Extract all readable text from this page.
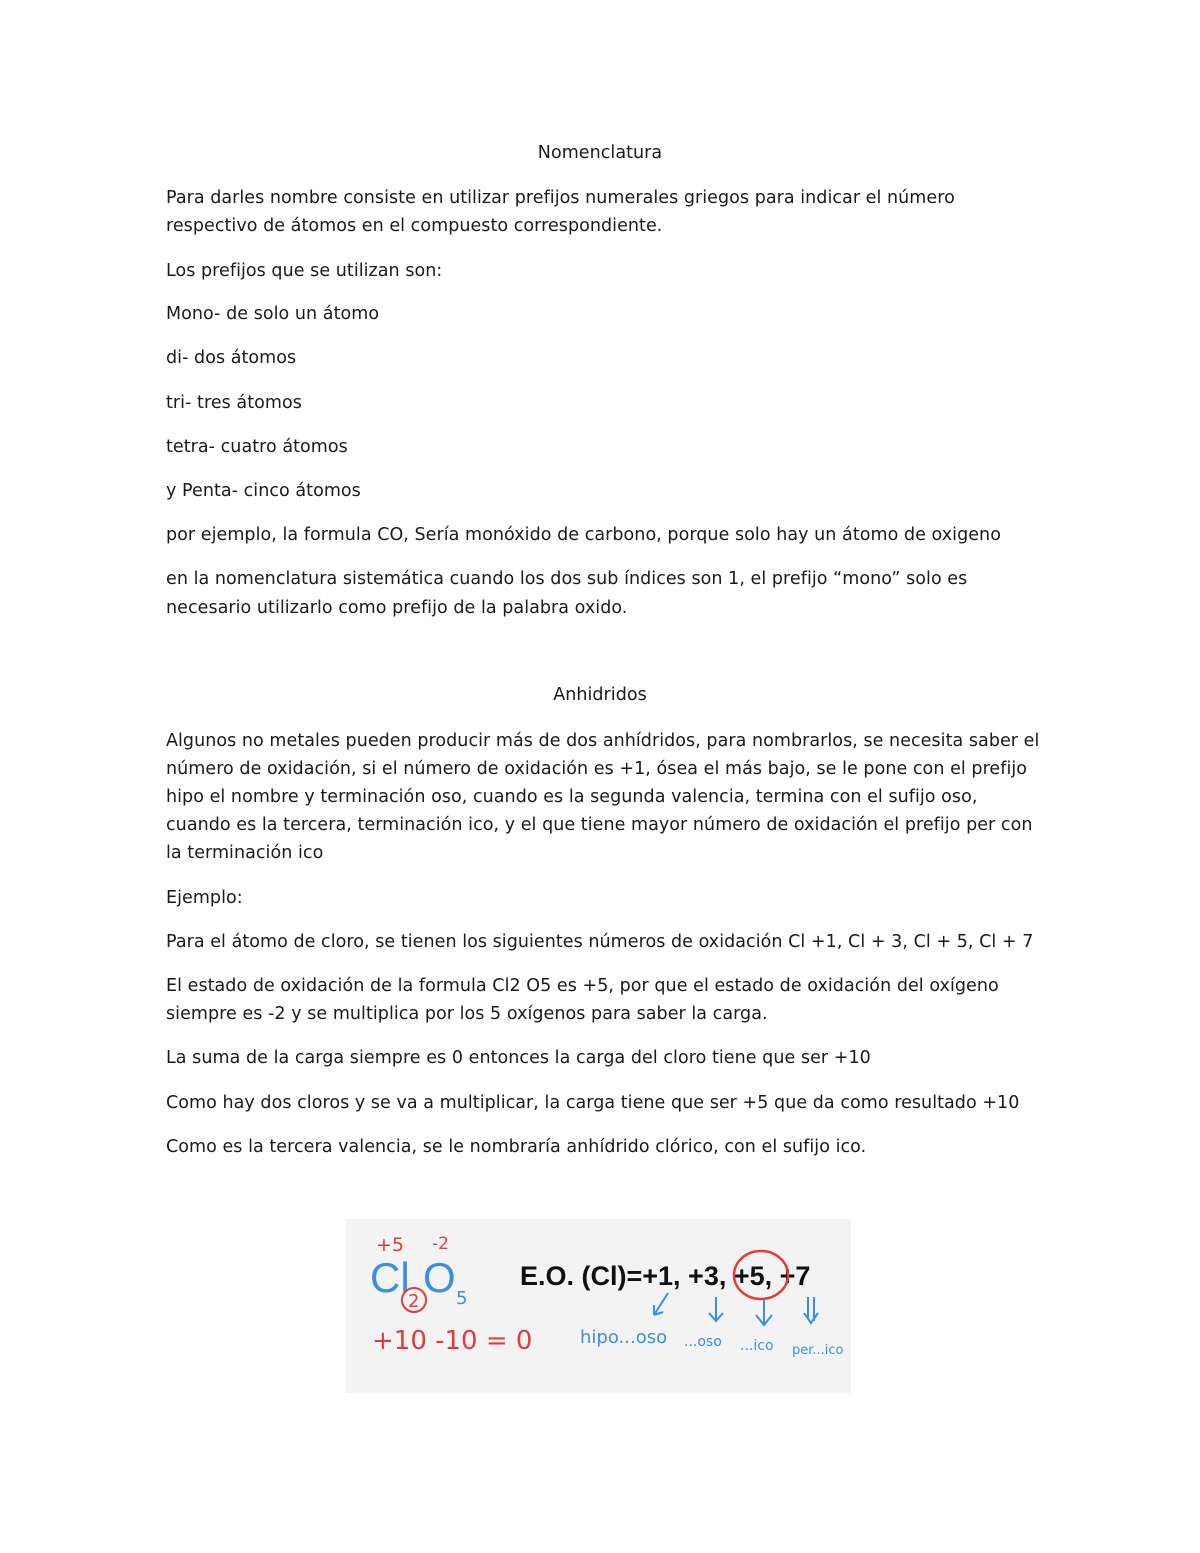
Nomenclatura

Para darles nombre consiste en utilizar prefijos numerales griegos para indicar el número

respectivo de átomos en el compuesto correspondiente.

Los prefijos que se utilizan son:

Mono- de solo un átomo

di- dos átomos

tri- tres átomos

tetra- cuatro átomos

y Penta- cinco átomos

por ejemplo, la formula CO, Sería monóxido de carbono, porque solo hay un átomo de oxigeno

en la nomenclatura sistemática cuando los dos sub índices son 1, el prefijo “mono” solo es

necesario utilizarlo como prefijo de la palabra oxido.

Anhidridos

Algunos no metales pueden producir más de dos anhídridos, para nombrarlos, se necesita saber el

número de oxidación, si el número de oxidación es +1, ósea el más bajo, se le pone con el prefijo

hipo el nombre y terminación oso, cuando es la segunda valencia, termina con el sufijo oso,

cuando es la tercera, terminación ico, y el que tiene mayor número de oxidación el prefijo per con

la terminación ico

Ejemplo:

Para el átomo de cloro, se tienen los siguientes números de oxidación Cl +1, Cl + 3, Cl + 5, Cl + 7

El estado de oxidación de la formula Cl2 O5 es +5, por que el estado de oxidación del oxígeno

siempre es -2 y se multiplica por los 5 oxígenos para saber la carga.

La suma de la carga siempre es 0 entonces la carga del cloro tiene que ser +10

Como hay dos cloros y se va a multiplicar, la carga tiene que ser +5 que da como resultado +10

Como es la tercera valencia, se le nombraría anhídrido clórico, con el sufijo ico.

+5 -2
Cl O
2 5
+10 -10 = 0
E.O. (Cl)=+1, +3, +5, +7
hipo...oso ...oso ...ico per...ico
